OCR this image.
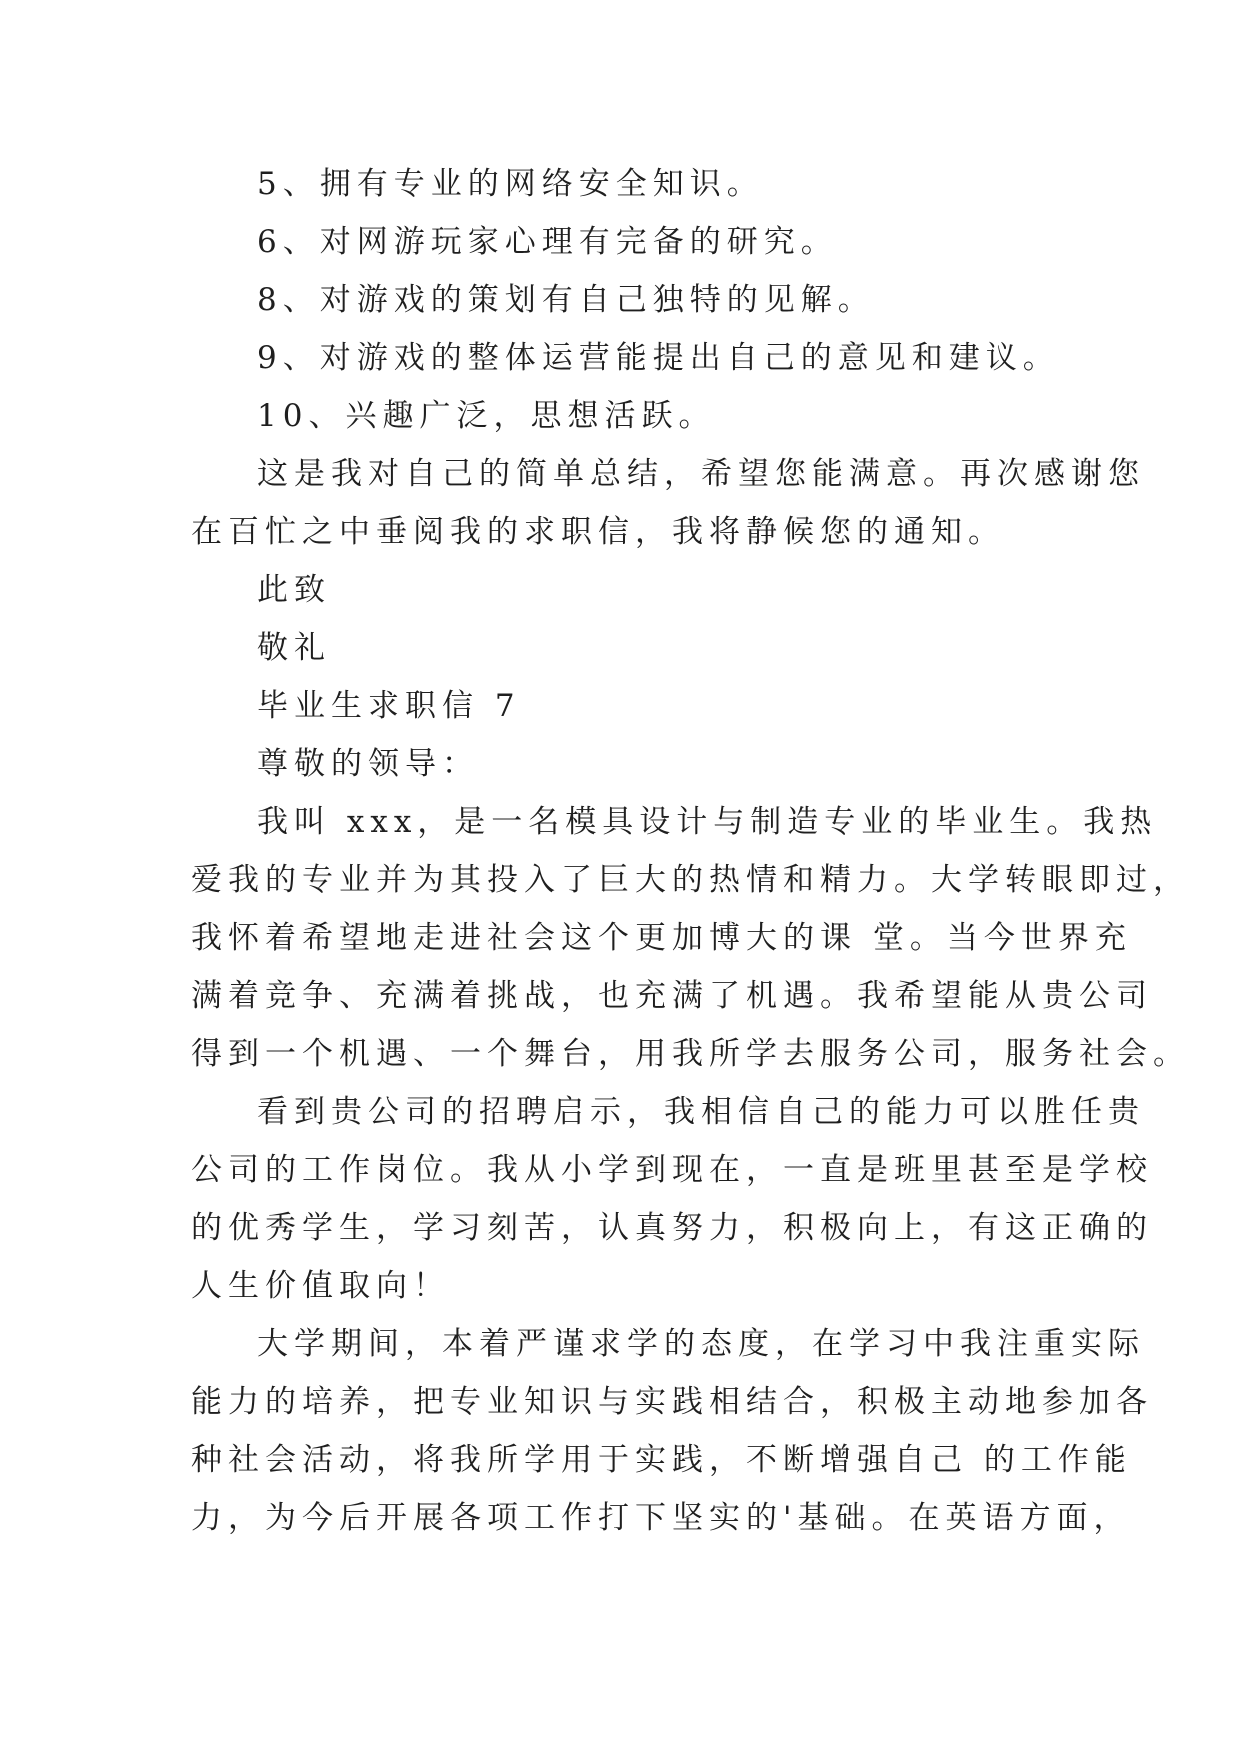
5、拥有专业的网络安全知识。
6、对网游玩家心理有完备的研究。
8、对游戏的策划有自己独特的见解。
9、对游戏的整体运营能提出自己的意见和建议。
10、兴趣广泛，思想活跃。
这是我对自己的简单总结，希望您能满意。再次感谢您
在百忙之中垂阅我的求职信，我将静候您的通知。
此致
敬礼
毕业生求职信 7
尊敬的领导：
我叫 xxx，是一名模具设计与制造专业的毕业生。我热
爱我的专业并为其投入了巨大的热情和精力。大学转眼即过，
我怀着希望地走进社会这个更加博大的课 堂。当今世界充
满着竞争、充满着挑战，也充满了机遇。我希望能从贵公司
得到一个机遇、一个舞台，用我所学去服务公司，服务社会。
看到贵公司的招聘启示，我相信自己的能力可以胜任贵
公司的工作岗位。我从小学到现在，一直是班里甚至是学校
的优秀学生，学习刻苦，认真努力，积极向上，有这正确的
人生价值取向！
大学期间，本着严谨求学的态度，在学习中我注重实际
能力的培养，把专业知识与实践相结合，积极主动地参加各
种社会活动，将我所学用于实践，不断增强自己 的工作能
力，为今后开展各项工作打下坚实的'基础。在英语方面，
